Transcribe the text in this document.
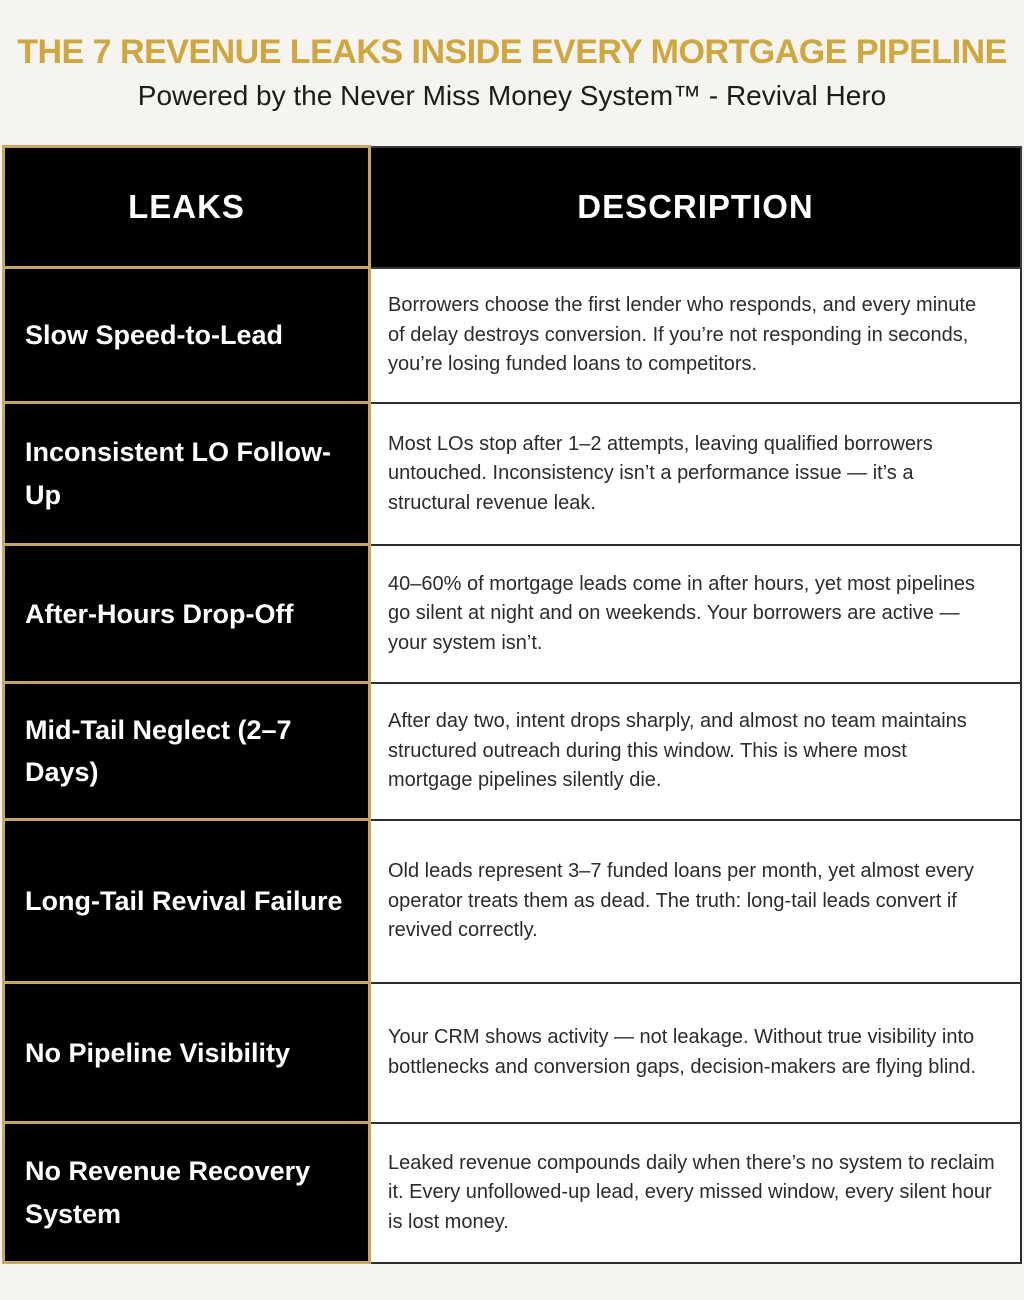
THE 7 REVENUE LEAKS INSIDE EVERY MORTGAGE PIPELINE
Powered by the Never Miss Money System™ - Revival Hero
LEAKS	DESCRIPTION
Slow Speed-to-Lead	Borrowers choose the first lender who responds, and every minute of delay destroys conversion. If you’re not responding in seconds, you’re losing funded loans to competitors.
Inconsistent LO Follow-Up	Most LOs stop after 1–2 attempts, leaving qualified borrowers untouched. Inconsistency isn’t a performance issue — it’s a structural revenue leak.
After-Hours Drop-Off	40–60% of mortgage leads come in after hours, yet most pipelines go silent at night and on weekends. Your borrowers are active — your system isn’t.
Mid-Tail Neglect (2–7 Days)	After day two, intent drops sharply, and almost no team maintains structured outreach during this window. This is where most mortgage pipelines silently die.
Long-Tail Revival Failure	Old leads represent 3–7 funded loans per month, yet almost every operator treats them as dead. The truth: long-tail leads convert if revived correctly.
No Pipeline Visibility	Your CRM shows activity — not leakage. Without true visibility into bottlenecks and conversion gaps, decision-makers are flying blind.
No Revenue Recovery System	Leaked revenue compounds daily when there’s no system to reclaim it. Every unfollowed-up lead, every missed window, every silent hour is lost money.
